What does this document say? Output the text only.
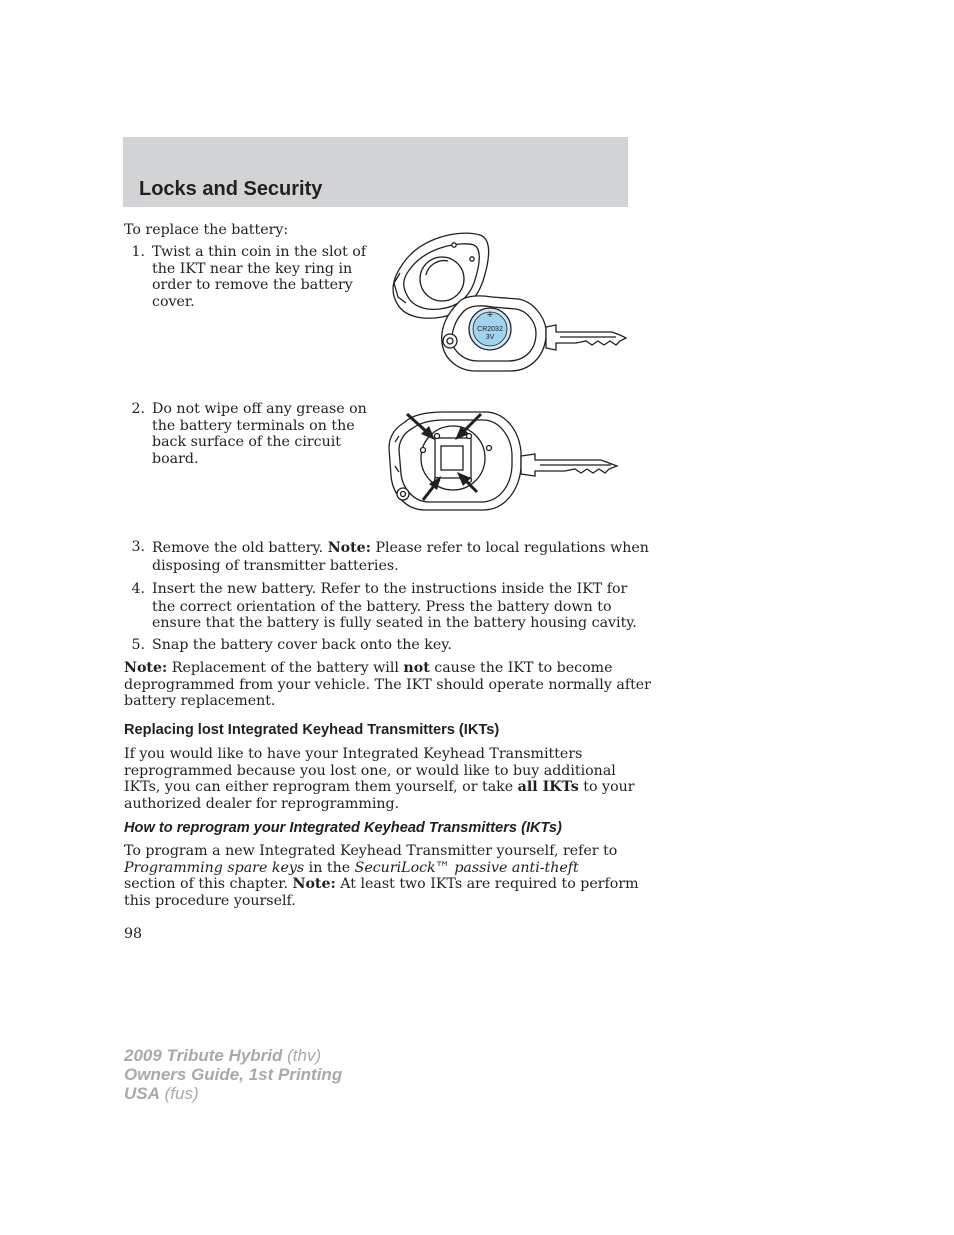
Locks and Security
To replace the battery:
1. Twist a thin coin in the slot of
the IKT near the key ring in
order to remove the battery
cover.
+
CR2032
3V
2. Do not wipe off any grease on
the battery terminals on the
back surface of the circuit
board.
3. Remove the old battery. Note: Please refer to local regulations when
disposing of transmitter batteries.
4. Insert the new battery. Refer to the instructions inside the IKT for
the correct orientation of the battery. Press the battery down to
ensure that the battery is fully seated in the battery housing cavity.
5. Snap the battery cover back onto the key.
Note: Replacement of the battery will not cause the IKT to become
deprogrammed from your vehicle. The IKT should operate normally after
battery replacement.
Replacing lost Integrated Keyhead Transmitters (IKTs)
If you would like to have your Integrated Keyhead Transmitters
reprogrammed because you lost one, or would like to buy additional
IKTs, you can either reprogram them yourself, or take all IKTs to your
authorized dealer for reprogramming.
How to reprogram your Integrated Keyhead Transmitters (IKTs)
To program a new Integrated Keyhead Transmitter yourself, refer to
Programming spare keys in the SecuriLock™ passive anti-theft
section of this chapter. Note: At least two IKTs are required to perform
this procedure yourself.
98
2009 Tribute Hybrid (thv)
Owners Guide, 1st Printing
USA (fus)
